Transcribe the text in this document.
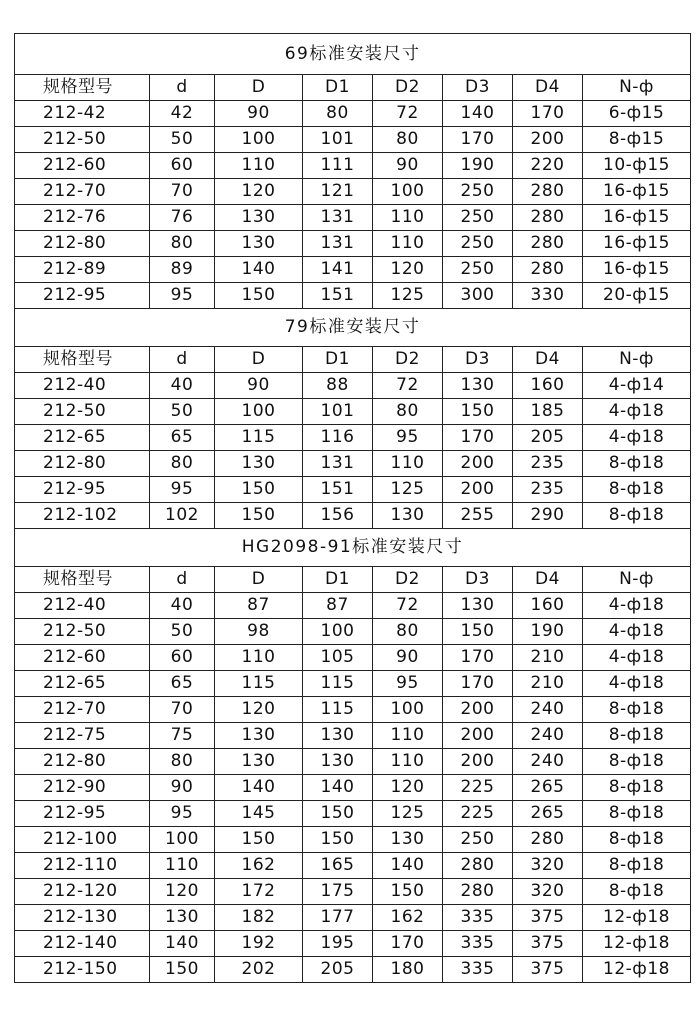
69标准安装尺寸							
规格型号	d	D	D1	D2	D3	D4	N-ф
212-42	42	90	80	72	140	170	6-ф15
212-50	50	100	101	80	170	200	8-ф15
212-60	60	110	111	90	190	220	10-ф15
212-70	70	120	121	100	250	280	16-ф15
212-76	76	130	131	110	250	280	16-ф15
212-80	80	130	131	110	250	280	16-ф15
212-89	89	140	141	120	250	280	16-ф15
212-95	95	150	151	125	300	330	20-ф15
79标准安装尺寸							
规格型号	d	D	D1	D2	D3	D4	N-ф
212-40	40	90	88	72	130	160	4-ф14
212-50	50	100	101	80	150	185	4-ф18
212-65	65	115	116	95	170	205	4-ф18
212-80	80	130	131	110	200	235	8-ф18
212-95	95	150	151	125	200	235	8-ф18
212-102	102	150	156	130	255	290	8-ф18
HG2098-91标准安装尺寸							
规格型号	d	D	D1	D2	D3	D4	N-ф
212-40	40	87	87	72	130	160	4-ф18
212-50	50	98	100	80	150	190	4-ф18
212-60	60	110	105	90	170	210	4-ф18
212-65	65	115	115	95	170	210	4-ф18
212-70	70	120	115	100	200	240	8-ф18
212-75	75	130	130	110	200	240	8-ф18
212-80	80	130	130	110	200	240	8-ф18
212-90	90	140	140	120	225	265	8-ф18
212-95	95	145	150	125	225	265	8-ф18
212-100	100	150	150	130	250	280	8-ф18
212-110	110	162	165	140	280	320	8-ф18
212-120	120	172	175	150	280	320	8-ф18
212-130	130	182	177	162	335	375	12-ф18
212-140	140	192	195	170	335	375	12-ф18
212-150	150	202	205	180	335	375	12-ф18
